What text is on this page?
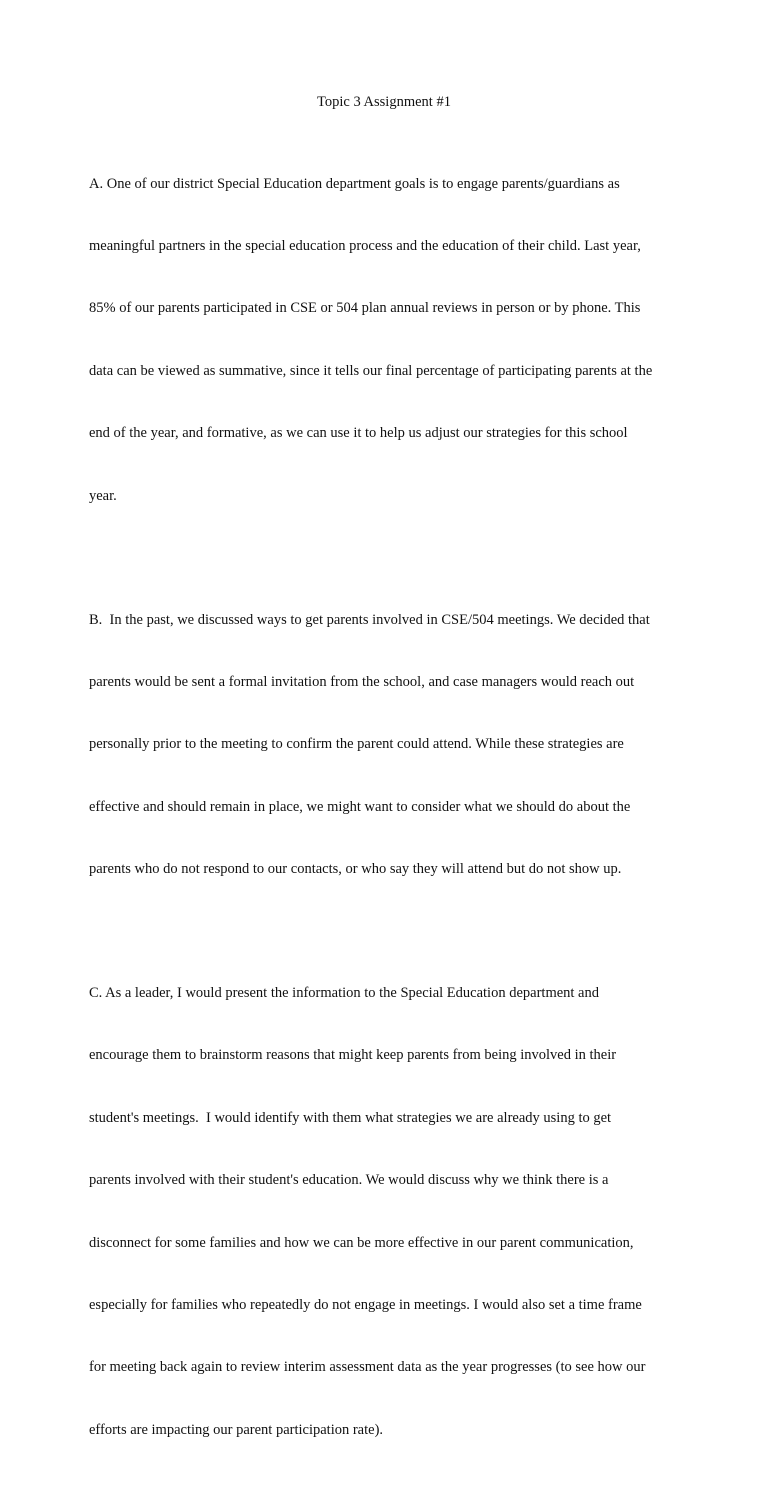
Topic 3 Assignment #1

A. One of our district Special Education department goals is to engage parents/guardians as

meaningful partners in the special education process and the education of their child. Last year,

85% of our parents participated in CSE or 504 plan annual reviews in person or by phone. This

data can be viewed as summative, since it tells our final percentage of participating parents at the

end of the year, and formative, as we can use it to help us adjust our strategies for this school

year.

B.  In the past, we discussed ways to get parents involved in CSE/504 meetings. We decided that

parents would be sent a formal invitation from the school, and case managers would reach out

personally prior to the meeting to confirm the parent could attend. While these strategies are

effective and should remain in place, we might want to consider what we should do about the

parents who do not respond to our contacts, or who say they will attend but do not show up.

C. As a leader, I would present the information to the Special Education department and

encourage them to brainstorm reasons that might keep parents from being involved in their

student's meetings.  I would identify with them what strategies we are already using to get

parents involved with their student's education. We would discuss why we think there is a

disconnect for some families and how we can be more effective in our parent communication,

especially for families who repeatedly do not engage in meetings. I would also set a time frame

for meeting back again to review interim assessment data as the year progresses (to see how our

efforts are impacting our parent participation rate).
